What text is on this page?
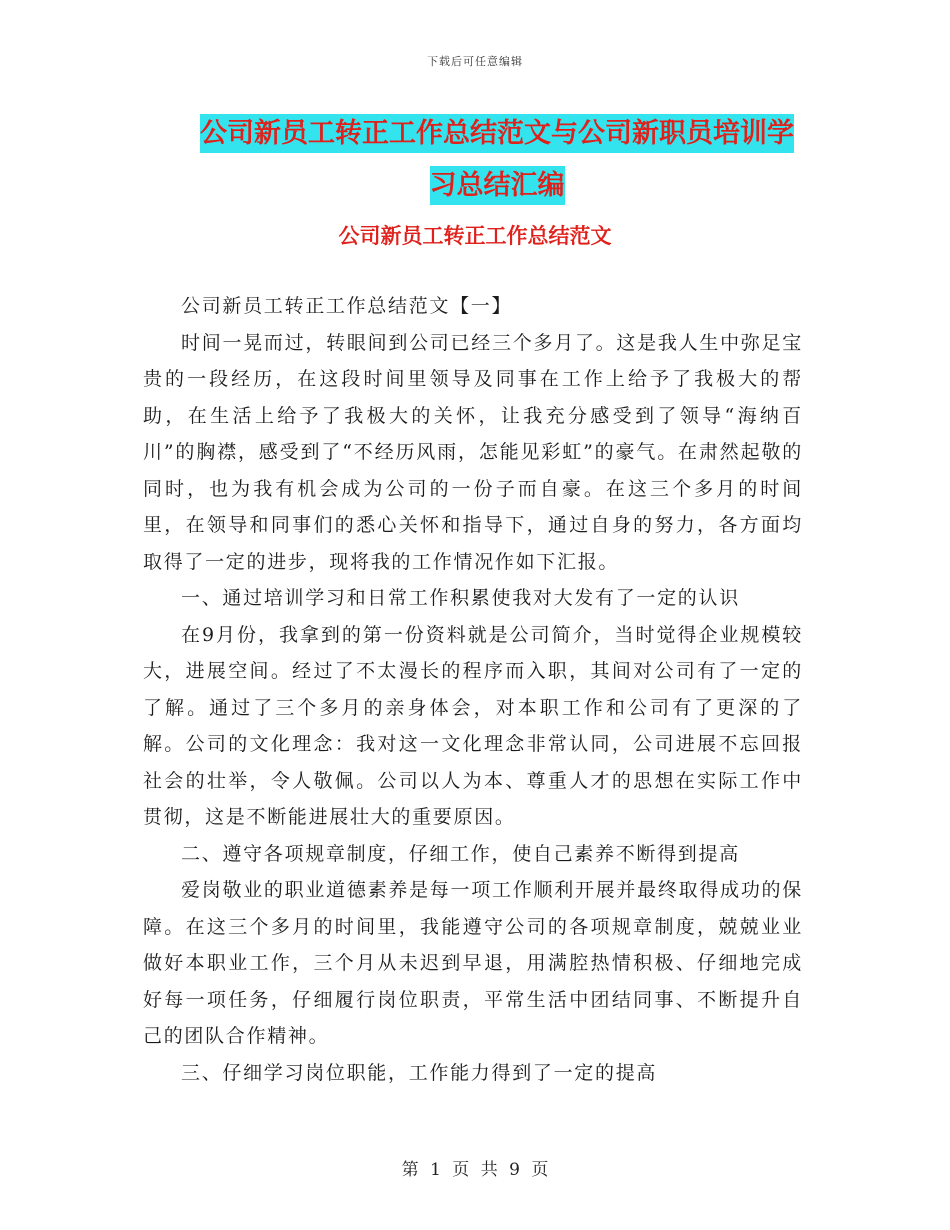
下载后可任意编辑
公司新员工转正工作总结范文与公司新职员培训学习总结汇编
公司新员工转正工作总结范文

公司新员工转正工作总结范文【一】

时间一晃而过，转眼间到公司已经三个多月了。这是我人生中弥足宝贵的一段经历，在这段时间里领导及同事在工作上给予了我极大的帮助，在生活上给予了我极大的关怀，让我充分感受到了领导“海纳百川”的胸襟，感受到了“不经历风雨，怎能见彩虹”的豪气。在肃然起敬的同时，也为我有机会成为公司的一份子而自豪。在这三个多月的时间里，在领导和同事们的悉心关怀和指导下，通过自身的努力，各方面均取得了一定的进步，现将我的工作情况作如下汇报。

一、通过培训学习和日常工作积累使我对大发有了一定的认识

在9月份，我拿到的第一份资料就是公司简介，当时觉得企业规模较大，进展空间。经过了不太漫长的程序而入职，其间对公司有了一定的了解。通过了三个多月的亲身体会，对本职工作和公司有了更深的了解。公司的文化理念：我对这一文化理念非常认同，公司进展不忘回报社会的壮举，令人敬佩。公司以人为本、尊重人才的思想在实际工作中贯彻，这是不断能进展壮大的重要原因。

二、遵守各项规章制度，仔细工作，使自己素养不断得到提高

爱岗敬业的职业道德素养是每一项工作顺利开展并最终取得成功的保障。在这三个多月的时间里，我能遵守公司的各项规章制度，兢兢业业做好本职业工作，三个月从未迟到早退，用满腔热情积极、仔细地完成好每一项任务，仔细履行岗位职责，平常生活中团结同事、不断提升自己的团队合作精神。

三、仔细学习岗位职能，工作能力得到了一定的提高

第 1 页 共 9 页
